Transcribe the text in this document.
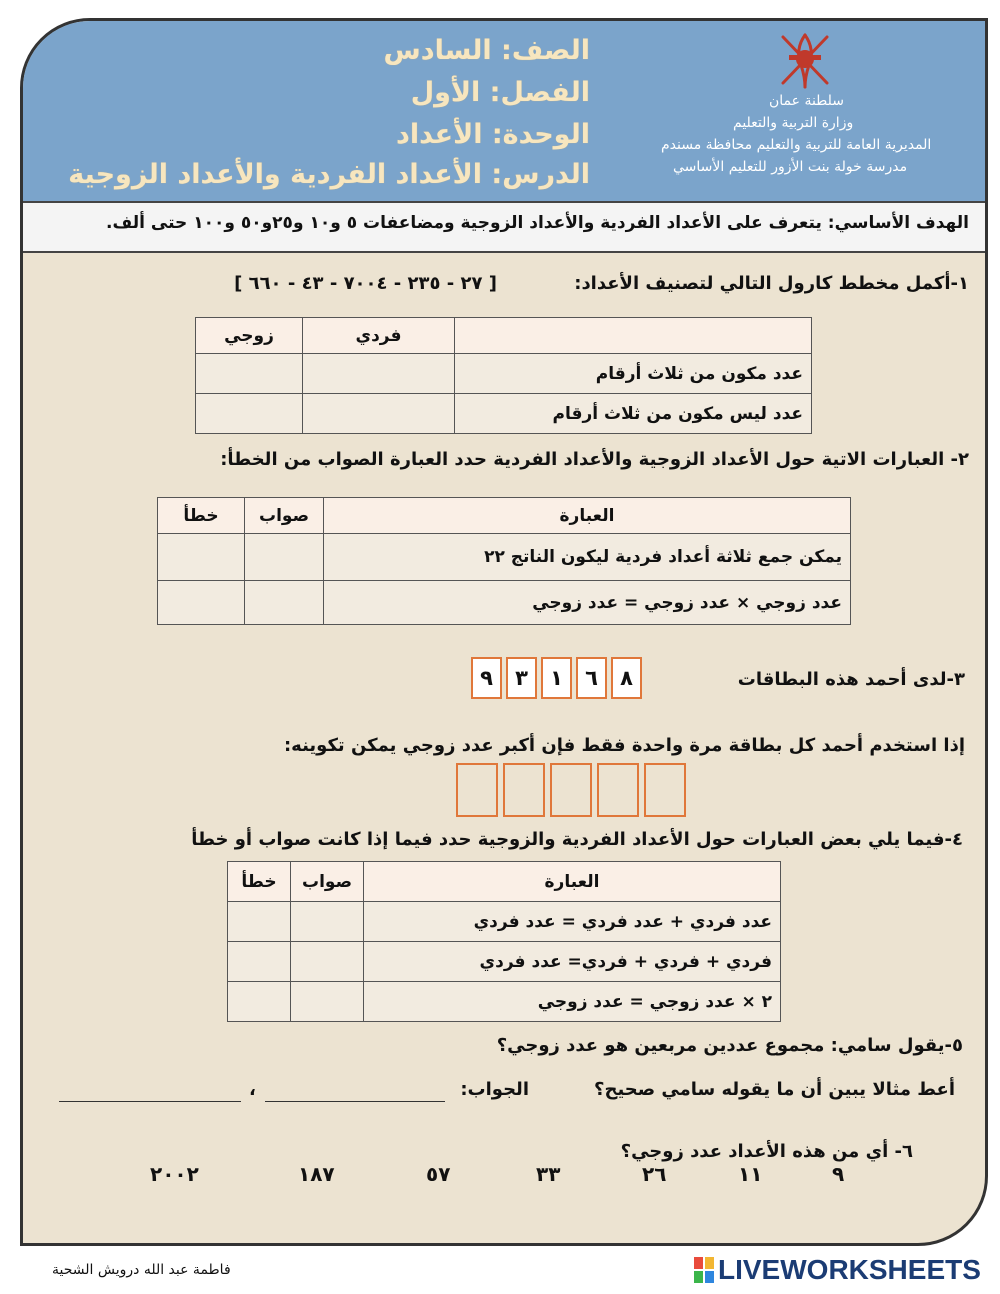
الصف: السادس
الفصل: الأول
الوحدة: الأعداد
الدرس: الأعداد الفردية والأعداد الزوجية
سلطنة عمان
وزارة التربية والتعليم
المديرية العامة للتربية والتعليم محافظة مسندم
مدرسة خولة بنت الأزور للتعليم الأساسي
الهدف الأساسي: يتعرف على الأعداد الفردية والأعداد الزوجية ومضاعفات ٥ و١٠ و٢٥و٥٠ و١٠٠ حتى ألف.
١-أكمل مخطط كارول التالي لتصنيف الأعداد:
[ ٢٧ - ٢٣٥ - ٧٠٠٤ - ٤٣ - ٦٦٠ ]
	فردي	زوجي
عدد مكون من ثلاث أرقام		
عدد ليس مكون من ثلاث أرقام		
٢- العبارات الاتية حول الأعداد الزوجية والأعداد الفردية حدد العبارة الصواب من الخطأ:
العبارة	صواب	خطأ
يمكن جمع ثلاثة أعداد فردية ليكون الناتج ٢٢		
عدد زوجي × عدد زوجي = عدد زوجي		
٣-لدى أحمد هذه البطاقات
٩	٣	١	٦	٨
إذا استخدم أحمد كل بطاقة مرة واحدة فقط فإن أكبر عدد زوجي يمكن تكوينه:
٤-فيما يلي بعض العبارات حول الأعداد الفردية والزوجية حدد فيما إذا كانت صواب أو خطأ
العبارة	صواب	خطأ
عدد فردي + عدد فردي = عدد فردي		
فردي + فردي + فردي= عدد فردي		
٢ × عدد زوجي = عدد زوجي		
٥-يقول سامي: مجموع عددين مربعين هو عدد زوجي؟
أعط مثالا يبين أن ما يقوله سامي صحيح؟
الجواب:
،
٦- أي من هذه الأعداد عدد زوجي؟
٩
١١
٢٦
٣٣
٥٧
١٨٧
٢٠٠٢
فاطمة عبد الله درويش الشحية	LIVEWORKSHEETS
